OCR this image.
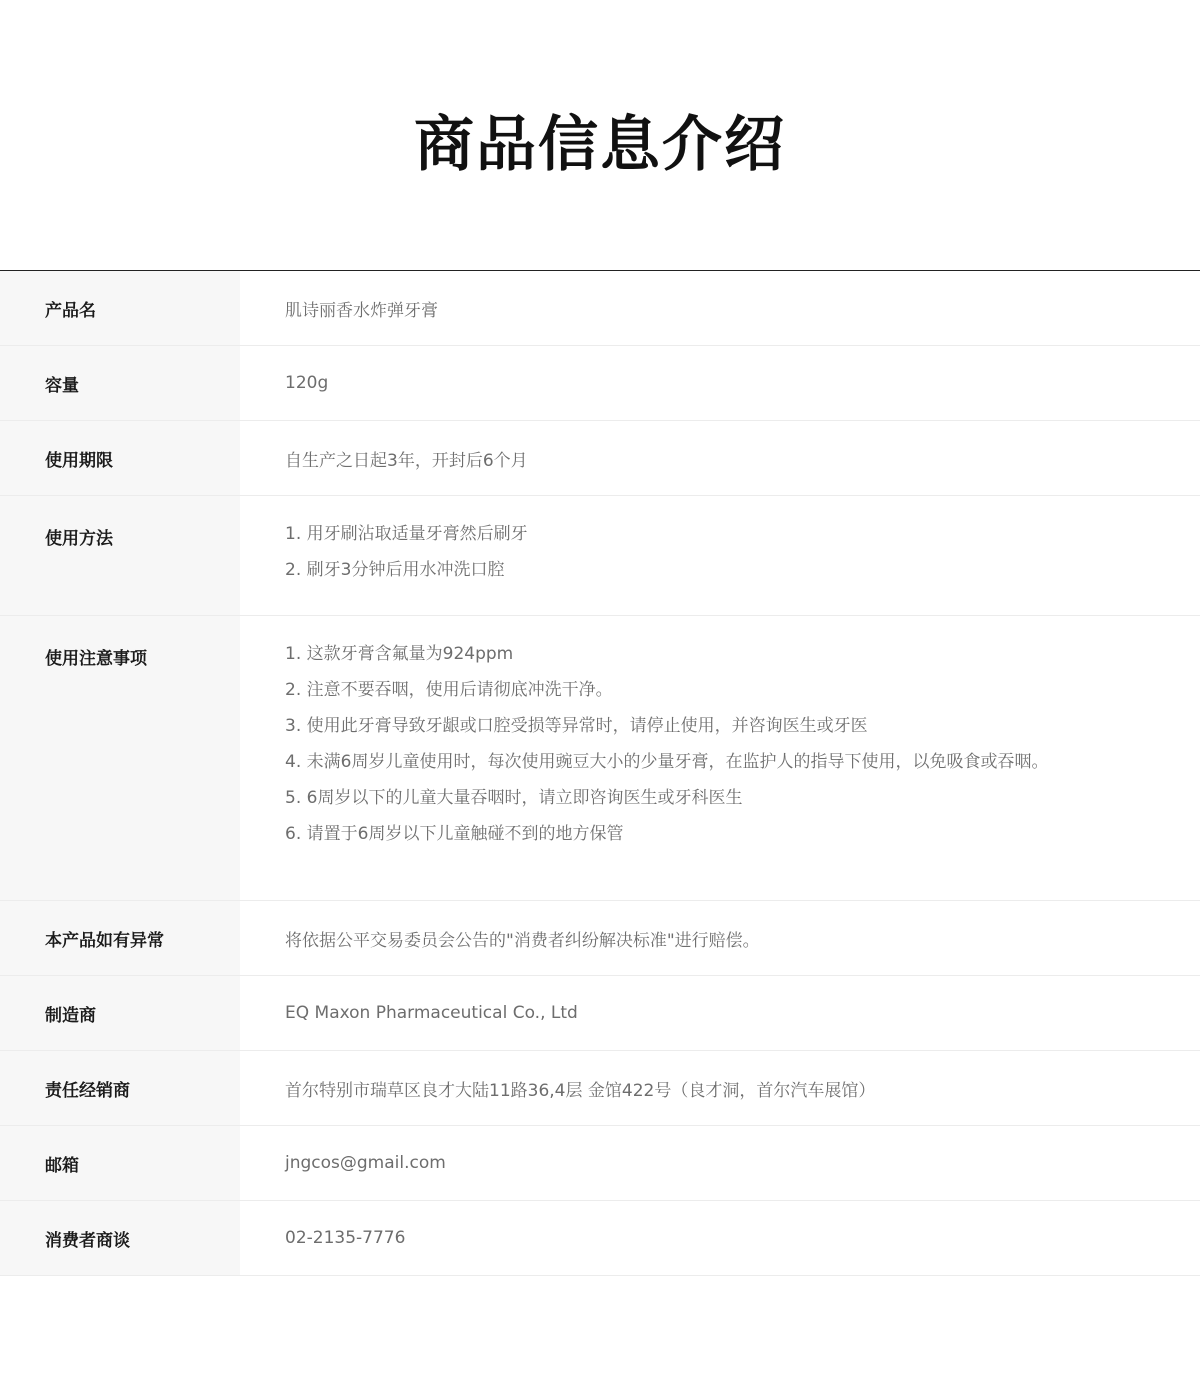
商品信息介绍
产品名	肌诗丽香水炸弹牙膏
容量	120g
使用期限	自生产之日起3年，开封后6个月
使用方法	1. 用牙刷沾取适量牙膏然后刷牙
2. 刷牙3分钟后用水冲洗口腔
使用注意事项	1. 这款牙膏含氟量为924ppm
2. 注意不要吞咽，使用后请彻底冲洗干净。
3. 使用此牙膏导致牙龈或口腔受损等异常时，请停止使用，并咨询医生或牙医
4. 未满6周岁儿童使用时，每次使用豌豆大小的少量牙膏，在监护人的指导下使用，以免吸食或吞咽。
5. 6周岁以下的儿童大量吞咽时，请立即咨询医生或牙科医生
6. 请置于6周岁以下儿童触碰不到的地方保管
本产品如有异常	将依据公平交易委员会公告的"消费者纠纷解决标准"进行赔偿。
制造商	EQ Maxon Pharmaceutical Co., Ltd
责任经销商	首尔特别市瑞草区良才大陆11路36,4层 金馆422号（良才洞，首尔汽车展馆）
邮箱	jngcos@gmail.com
消费者商谈	02-2135-7776
